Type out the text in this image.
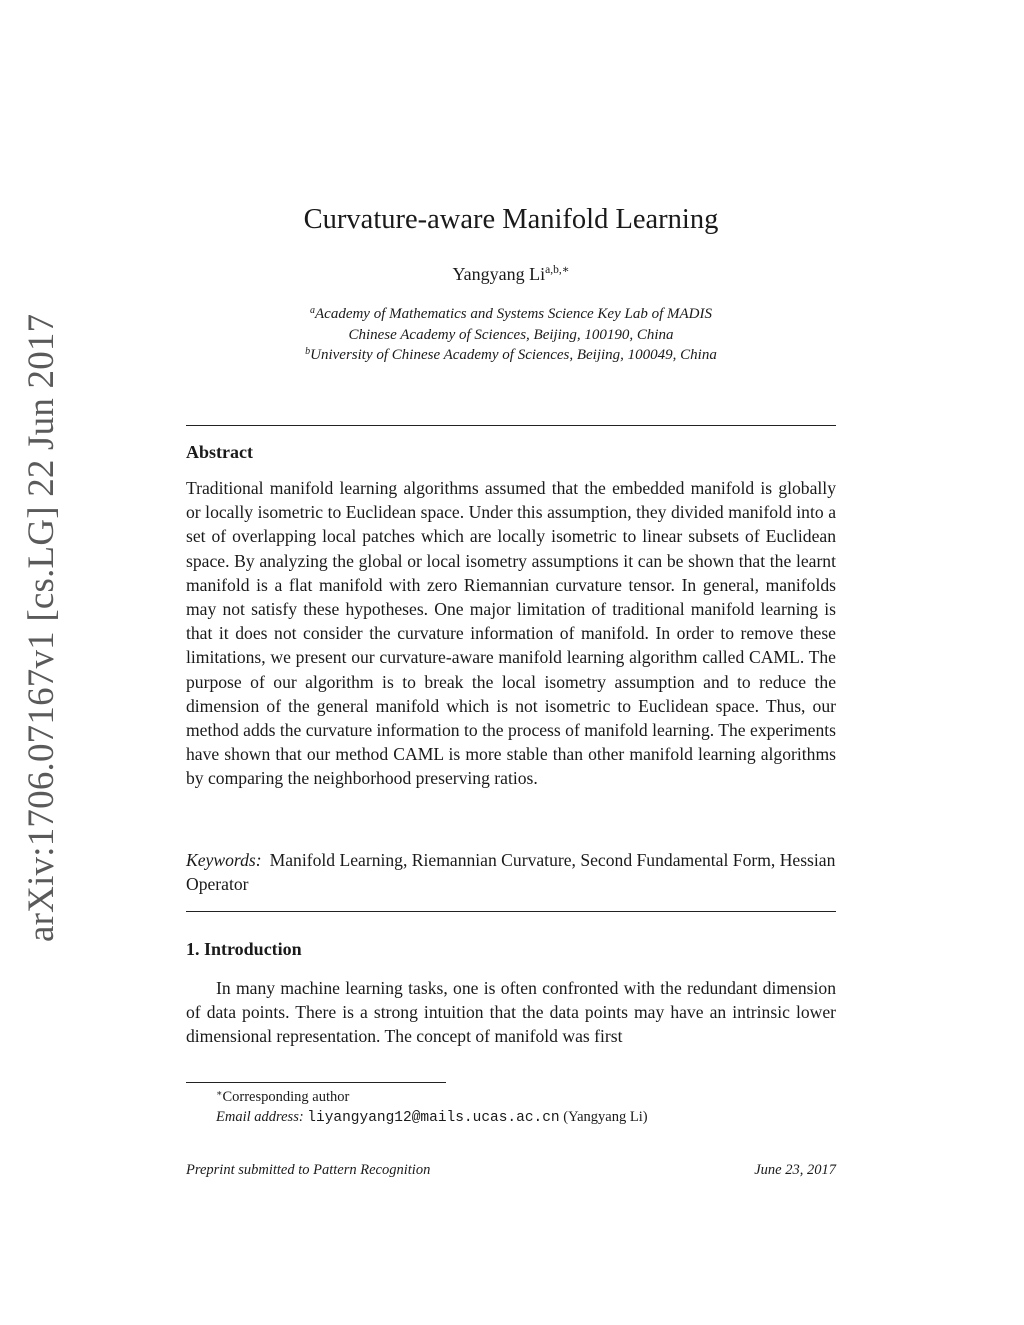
arXiv:1706.07167v1 [cs.LG] 22 Jun 2017
Curvature-aware Manifold Learning
Yangyang $Li^{a,b,∗}$
$^a$Academy of Mathematics and Systems Science Key Lab of MADIS
Chinese Academy of Sciences, Beijing, 100190, China
$^b$University of Chinese Academy of Sciences, Beijing, 100049, China
Abstract
Traditional manifold learning algorithms assumed that the embedded manifold is globally or locally isometric to Euclidean space. Under this assumption, they divided manifold into a set of overlapping local patches which are locally isometric to linear subsets of Euclidean space. By analyzing the global or local isometry assumptions it can be shown that the learnt manifold is a flat manifold with zero Riemannian curvature tensor. In general, manifolds may not satisfy these hypotheses. One major limitation of traditional manifold learning is that it does not consider the curvature information of manifold. In order to remove these limitations, we present our curvature-aware manifold learning algorithm called CAML. The purpose of our algorithm is to break the local isometry assumption and to reduce the dimension of the general manifold which is not isometric to Euclidean space. Thus, our method adds the curvature information to the process of manifold learning. The experiments have shown that our method CAML is more stable than other manifold learning algorithms by comparing the neighborhood preserving ratios.
Keywords: Manifold Learning, Riemannian Curvature, Second Fundamental Form, Hessian Operator
1. Introduction
In many machine learning tasks, one is often confronted with the redundant dimension of data points. There is a strong intuition that the data points may have an intrinsic lower dimensional representation. The concept of manifold was first
∗Corresponding author
Email address: liyangyang12@mails.ucas.ac.cn (Yangyang Li)
Preprint submitted to Pattern Recognition	June 23, 2017
